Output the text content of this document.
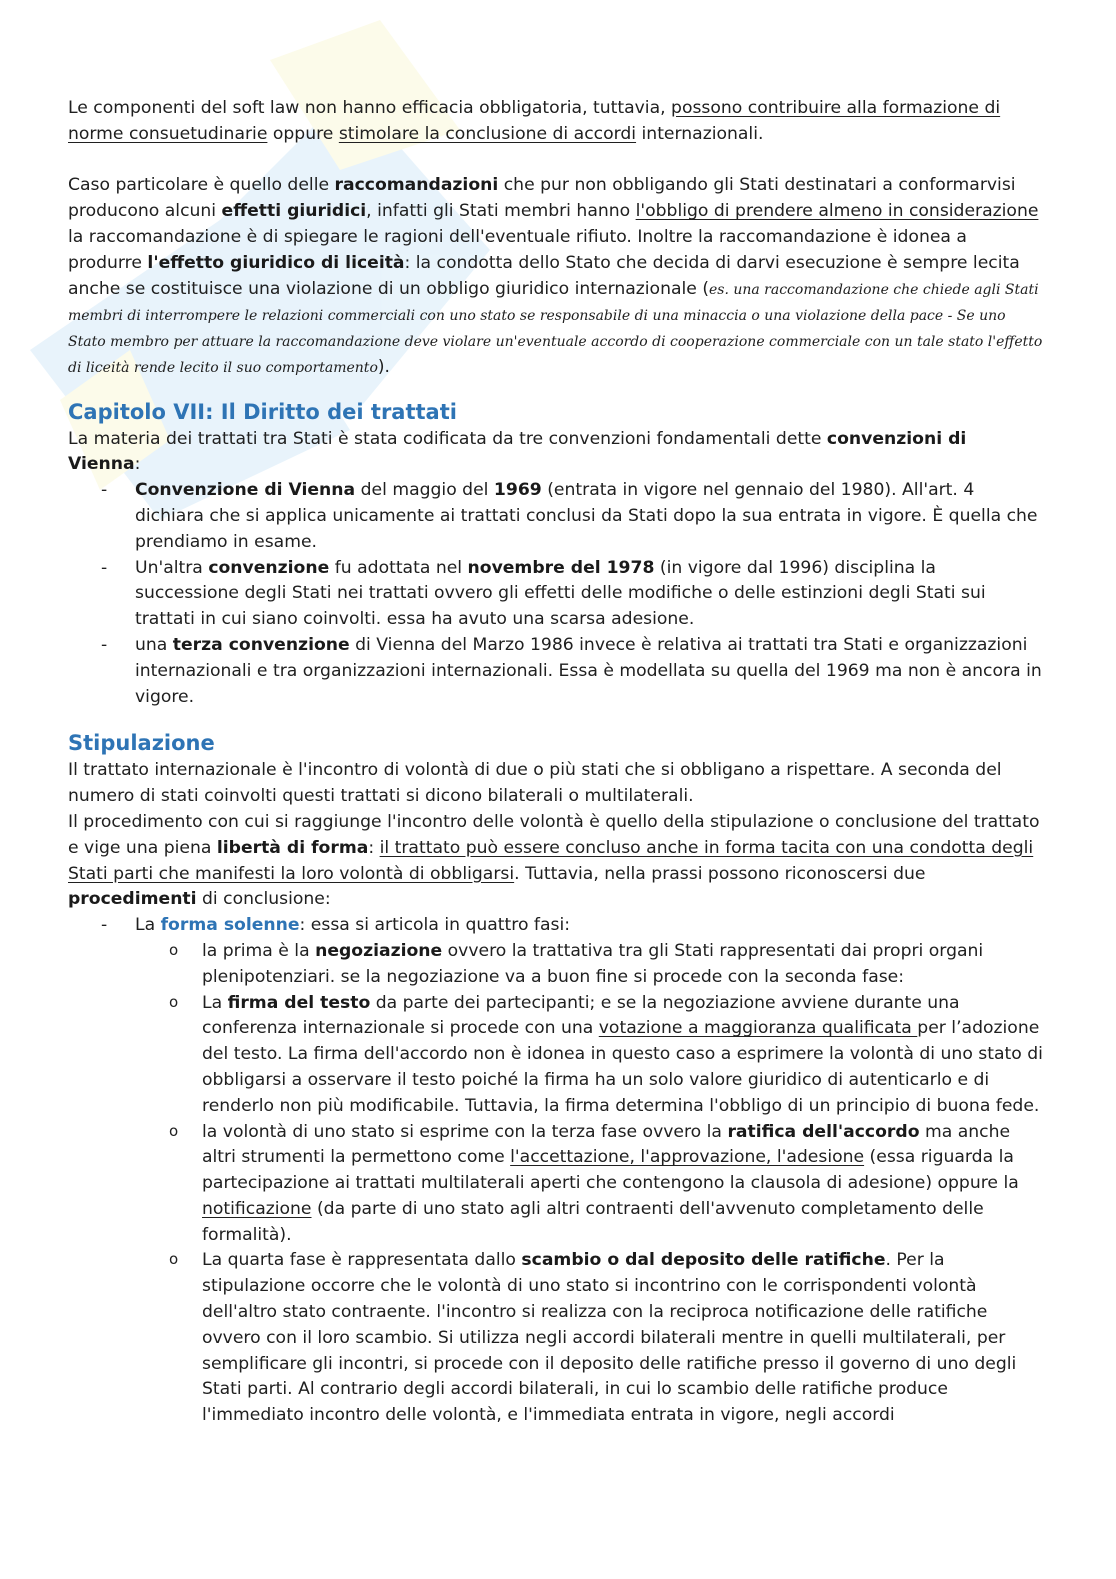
Le componenti del soft law non hanno efficacia obbligatoria, tuttavia, possono contribuire alla formazione di norme consuetudinarie oppure stimolare la conclusione di accordi internazionali.

Caso particolare è quello delle raccomandazioni che pur non obbligando gli Stati destinatari a conformarvisi producono alcuni effetti giuridici, infatti gli Stati membri hanno l'obbligo di prendere almeno in considerazione la raccomandazione è di spiegare le ragioni dell'eventuale rifiuto. Inoltre la raccomandazione è idonea a produrre l'effetto giuridico di liceità: la condotta dello Stato che decida di darvi esecuzione è sempre lecita anche se costituisce una violazione di un obbligo giuridico internazionale (es. una raccomandazione che chiede agli Stati membri di interrompere le relazioni commerciali con uno stato se responsabile di una minaccia o una violazione della pace - Se uno Stato membro per attuare la raccomandazione deve violare un'eventuale accordo di cooperazione commerciale con un tale stato l'effetto di liceità rende lecito il suo comportamento).

Capitolo VII: Il Diritto dei trattati

La materia dei trattati tra Stati è stata codificata da tre convenzioni fondamentali dette convenzioni di Vienna:

- Convenzione di Vienna del maggio del 1969 (entrata in vigore nel gennaio del 1980). All'art. 4 dichiara che si applica unicamente ai trattati conclusi da Stati dopo la sua entrata in vigore. È quella che prendiamo in esame.
- Un'altra convenzione fu adottata nel novembre del 1978 (in vigore dal 1996) disciplina la successione degli Stati nei trattati ovvero gli effetti delle modifiche o delle estinzioni degli Stati sui trattati in cui siano coinvolti. essa ha avuto una scarsa adesione.
- una terza convenzione di Vienna del Marzo 1986 invece è relativa ai trattati tra Stati e organizzazioni internazionali e tra organizzazioni internazionali. Essa è modellata su quella del 1969 ma non è ancora in vigore.
Stipulazione

Il trattato internazionale è l'incontro di volontà di due o più stati che si obbligano a rispettare. A seconda del numero di stati coinvolti questi trattati si dicono bilaterali o multilaterali.

Il procedimento con cui si raggiunge l'incontro delle volontà è quello della stipulazione o conclusione del trattato e vige una piena libertà di forma: il trattato può essere concluso anche in forma tacita con una condotta degli Stati parti che manifesti la loro volontà di obbligarsi. Tuttavia, nella prassi possono riconoscersi due procedimenti di conclusione:

- La forma solenne: essa si articola in quattro fasi:
o la prima è la negoziazione ovvero la trattativa tra gli Stati rappresentati dai propri organi plenipotenziari. se la negoziazione va a buon fine si procede con la seconda fase:
o La firma del testo da parte dei partecipanti; e se la negoziazione avviene durante una conferenza internazionale si procede con una votazione a maggioranza qualificata per l’adozione del testo. La firma dell'accordo non è idonea in questo caso a esprimere la volontà di uno stato di obbligarsi a osservare il testo poiché la firma ha un solo valore giuridico di autenticarlo e di renderlo non più modificabile. Tuttavia, la firma determina l'obbligo di un principio di buona fede.
o la volontà di uno stato si esprime con la terza fase ovvero la ratifica dell'accordo ma anche altri strumenti la permettono come l'accettazione, l'approvazione, l'adesione (essa riguarda la partecipazione ai trattati multilaterali aperti che contengono la clausola di adesione) oppure la notificazione (da parte di uno stato agli altri contraenti dell'avvenuto completamento delle formalità).
o La quarta fase è rappresentata dallo scambio o dal deposito delle ratifiche. Per la stipulazione occorre che le volontà di uno stato si incontrino con le corrispondenti volontà dell'altro stato contraente. l'incontro si realizza con la reciproca notificazione delle ratifiche ovvero con il loro scambio. Si utilizza negli accordi bilaterali mentre in quelli multilaterali, per semplificare gli incontri, si procede con il deposito delle ratifiche presso il governo di uno degli Stati parti. Al contrario degli accordi bilaterali, in cui lo scambio delle ratifiche produce l'immediato incontro delle volontà, e l'immediata entrata in vigore, negli accordi
